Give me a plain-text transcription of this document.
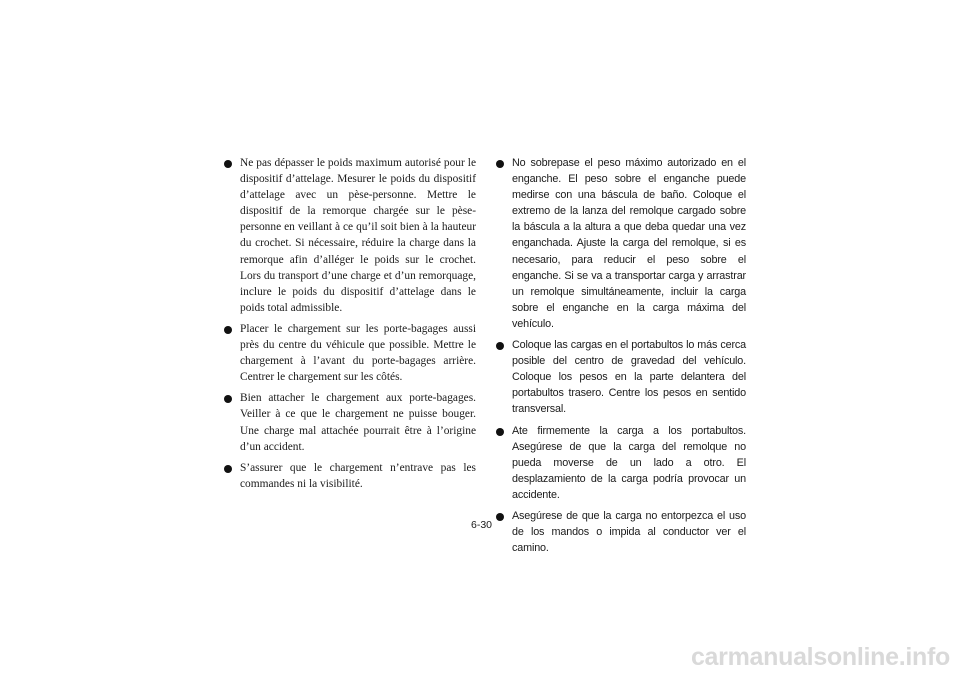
Ne pas dépasser le poids maximum autorisé pour le dispositif d’attelage. Mesurer le poids du dispositif d’attelage avec un pèse-personne. Mettre le dispositif de la remorque chargée sur le pèse-personne en veillant à ce qu’il soit bien à la hauteur du crochet. Si nécessaire, réduire la charge dans la remorque afin d’alléger le poids sur le crochet. Lors du transport d’une charge et d’un remorquage, inclure le poids du dispositif d’attelage dans le poids total admissible.
Placer le chargement sur les porte-bagages aussi près du centre du véhicule que possible. Mettre le chargement à l’avant du porte-bagages arrière. Centrer le chargement sur les côtés.
Bien attacher le chargement aux porte-bagages. Veiller à ce que le chargement ne puisse bouger. Une charge mal attachée pourrait être à l’origine d’un accident.
S’assurer que le chargement n’entrave pas les commandes ni la visibilité.
No sobrepase el peso máximo autorizado en el enganche. El peso sobre el enganche puede medirse con una báscula de baño. Coloque el extremo de la lanza del remolque cargado sobre la báscula a la altura a que deba quedar una vez enganchada. Ajuste la carga del remolque, si es necesario, para reducir el peso sobre el enganche. Si se va a transportar carga y arrastrar un remolque simultáneamente, incluir la carga sobre el enganche en la carga máxima del vehículo.
Coloque las cargas en el portabultos lo más cerca posible del centro de gravedad del vehículo. Coloque los pesos en la parte delantera del portabultos trasero. Centre los pesos en sentido transversal.
Ate firmemente la carga a los portabultos. Asegúrese de que la carga del remolque no pueda moverse de un lado a otro. El desplazamiento de la carga podría provocar un accidente.
Asegúrese de que la carga no entorpezca el uso de los mandos o impida al conductor ver el camino.
6-30
carmanualsonline.info
